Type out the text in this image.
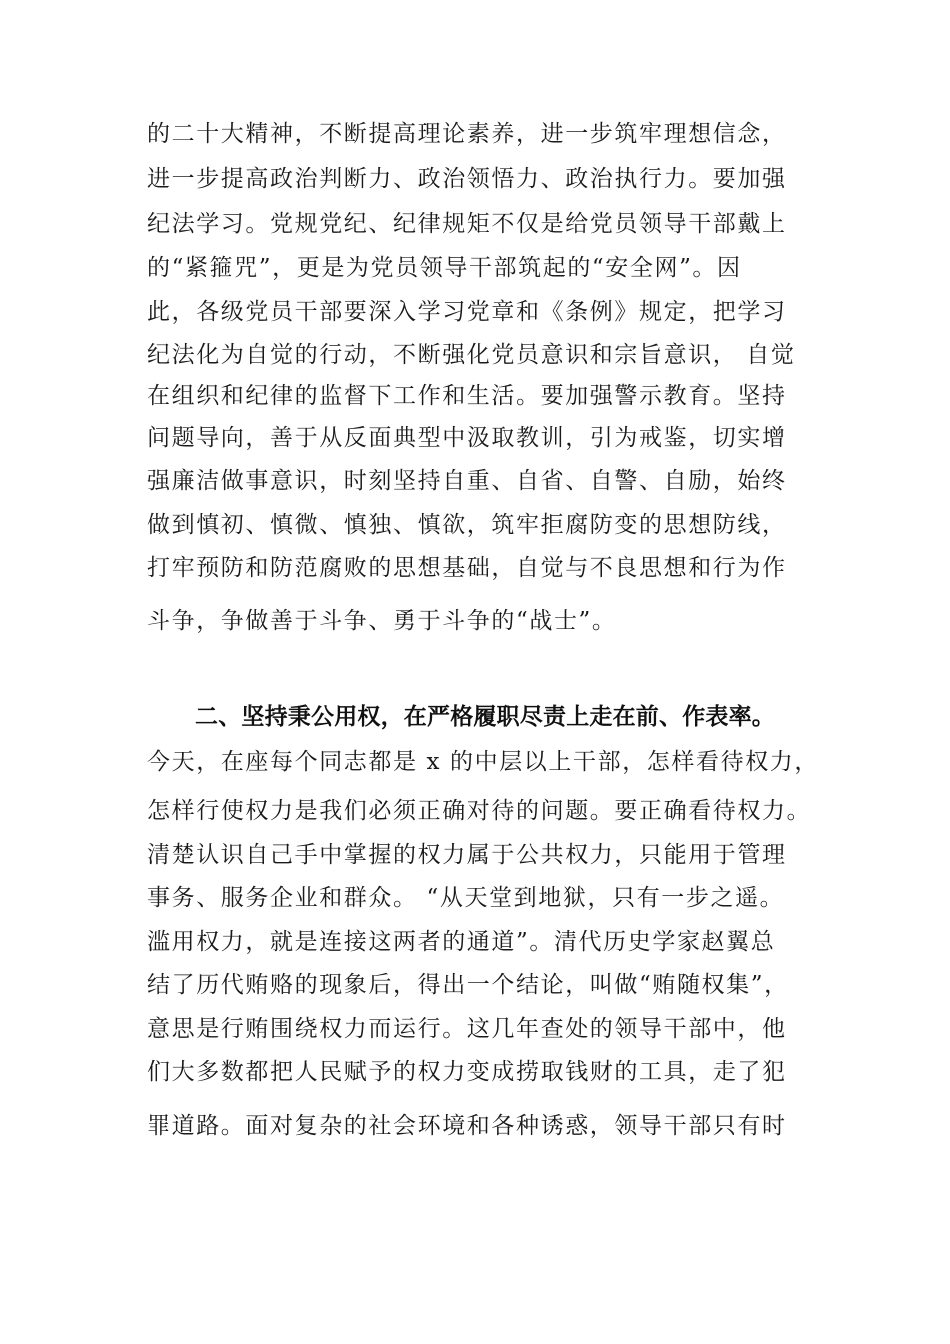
的二十大精神，不断提高理论素养，进一步筑牢理想信念，
进一步提高政治判断力、政治领悟力、政治执行力。要加强
纪法学习。党规党纪、纪律规矩不仅是给党员领导干部戴上
的“紧箍咒”，更是为党员领导干部筑起的“安全网”。因
此，各级党员干部要深入学习党章和《条例》规定，把学习
纪法化为自觉的行动，不断强化党员意识和宗旨意识， 自觉
在组织和纪律的监督下工作和生活。要加强警示教育。坚持
问题导向，善于从反面典型中汲取教训，引为戒鉴，切实增
强廉洁做事意识，时刻坚持自重、自省、自警、自励，始终
做到慎初、慎微、慎独、慎欲，筑牢拒腐防变的思想防线，
打牢预防和防范腐败的思想基础，自觉与不良思想和行为作
斗争，争做善于斗争、勇于斗争的“战士”。
二、坚持秉公用权，在严格履职尽责上走在前、作表率。
今天，在座每个同志都是 x 的中层以上干部，怎样看待权力，
怎样行使权力是我们必须正确对待的问题。要正确看待权力。
清楚认识自己手中掌握的权力属于公共权力，只能用于管理
事务、服务企业和群众。 “从天堂到地狱，只有一步之遥。
滥用权力，就是连接这两者的通道”。清代历史学家赵翼总
结了历代贿赂的现象后，得出一个结论，叫做“贿随权集”，
意思是行贿围绕权力而运行。这几年查处的领导干部中，他
们大多数都把人民赋予的权力变成捞取钱财的工具，走了犯
罪道路。面对复杂的社会环境和各种诱惑，领导干部只有时
